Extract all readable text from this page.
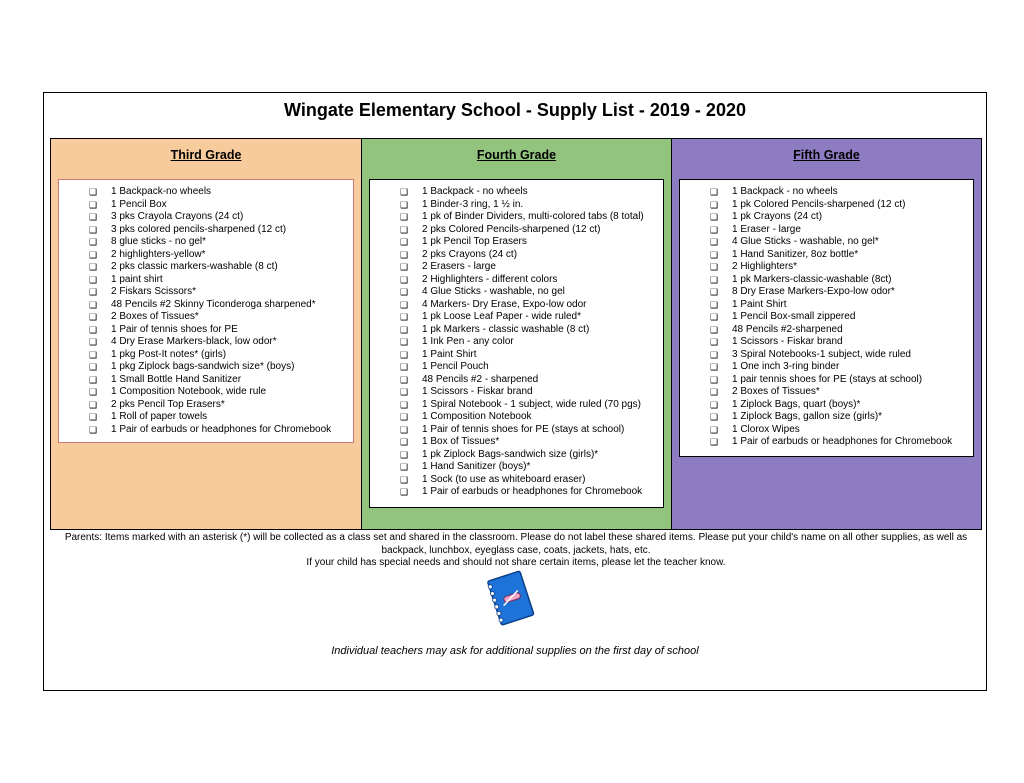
Wingate Elementary School - Supply List - 2019 - 2020
Third Grade
❑ 1 Backpack-no wheels
❑ 1 Pencil Box
❑ 3 pks Crayola Crayons (24 ct)
❑ 3 pks colored pencils-sharpened (12 ct)
❑ 8 glue sticks - no gel*
❑ 2 highlighters-yellow*
❑ 2 pks classic markers-washable (8 ct)
❑ 1 paint shirt
❑ 2 Fiskars Scissors*
❑ 48 Pencils #2 Skinny Ticonderoga sharpened*
❑ 2 Boxes of Tissues*
❑ 1 Pair of tennis shoes for PE
❑ 4 Dry Erase Markers-black, low odor*
❑ 1 pkg Post-It notes* (girls)
❑ 1 pkg Ziplock bags-sandwich size* (boys)
❑ 1 Small Bottle Hand Sanitizer
❑ 1 Composition Notebook, wide rule
❑ 2 pks Pencil Top Erasers*
❑ 1 Roll of paper towels
❑ 1 Pair of earbuds or headphones for Chromebook
Fourth Grade
❑ 1 Backpack - no wheels
❑ 1 Binder-3 ring, 1 ½ in.
❑ 1 pk of Binder Dividers, multi-colored tabs (8 total)
❑ 2 pks Colored Pencils-sharpened (12 ct)
❑ 1 pk Pencil Top Erasers
❑ 2 pks Crayons (24 ct)
❑ 2 Erasers - large
❑ 2 Highlighters - different colors
❑ 4 Glue Sticks - washable, no gel
❑ 4 Markers- Dry Erase, Expo-low odor
❑ 1 pk Loose Leaf Paper - wide ruled*
❑ 1 pk Markers - classic washable (8 ct)
❑ 1 Ink Pen - any color
❑ 1 Paint Shirt
❑ 1 Pencil Pouch
❑ 48 Pencils #2 - sharpened
❑ 1 Scissors - Fiskar brand
❑ 1 Spiral Notebook - 1 subject, wide ruled (70 pgs)
❑ 1 Composition Notebook
❑ 1 Pair of tennis shoes for PE (stays at school)
❑ 1 Box of Tissues*
❑ 1 pk Ziplock Bags-sandwich size (girls)*
❑ 1 Hand Sanitizer (boys)*
❑ 1 Sock (to use as whiteboard eraser)
❑ 1 Pair of earbuds or headphones for Chromebook
Fifth Grade
❑ 1 Backpack - no wheels
❑ 1 pk Colored Pencils-sharpened (12 ct)
❑ 1 pk Crayons (24 ct)
❑ 1 Eraser - large
❑ 4 Glue Sticks - washable, no gel*
❑ 1 Hand Sanitizer, 8oz bottle*
❑ 2 Highlighters*
❑ 1 pk Markers-classic-washable (8ct)
❑ 8 Dry Erase Markers-Expo-low odor*
❑ 1 Paint Shirt
❑ 1 Pencil Box-small zippered
❑ 48 Pencils #2-sharpened
❑ 1 Scissors - Fiskar brand
❑ 3 Spiral Notebooks-1 subject, wide ruled
❑ 1 One inch 3-ring binder
❑ 1 pair tennis shoes for PE (stays at school)
❑ 2 Boxes of Tissues*
❑ 1 Ziplock Bags, quart (boys)*
❑ 1 Ziplock Bags, gallon size (girls)*
❑ 1 Clorox Wipes
❑ 1 Pair of earbuds or headphones for Chromebook
Parents: Items marked with an asterisk (*) will be collected as a class set and shared in the classroom. Please do not label these shared items. Please put your child's name on all other supplies, as well as backpack, lunchbox, eyeglass case, coats, jackets, hats, etc.
If your child has special needs and should not share certain items, please let the teacher know.
Individual teachers may ask for additional supplies on the first day of school
